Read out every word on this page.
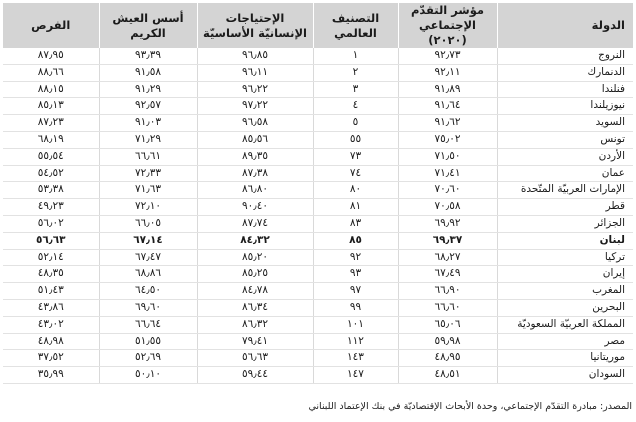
الدولة	مؤشر التقدّم الإجتماعي (٢٠٢٠)	التصنيف العالمي	الإحتياجات الإنسانيّة الأساسيّة	أسس العيش الكريم	الفرص
النروج	٩٢٫٧٣	١	٩٦٫٨٥	٩٣٫٣٩	٨٧٫٩٥
الدنمارك	٩٢٫١١	٢	٩٦٫١١	٩١٫٥٨	٨٨٫٦٦
فنلندا	٩١٫٨٩	٣	٩٦٫٢٢	٩١٫٢٩	٨٨٫١٥
نيوزيلندا	٩١٫٦٤	٤	٩٧٫٢٢	٩٢٫٥٧	٨٥٫١٣
السويد	٩١٫٦٢	٥	٩٦٫٥٨	٩١٫٠٣	٨٧٫٢٣
تونس	٧٥٫٠٢	٥٥	٨٥٫٥٦	٧١٫٢٩	٦٨٫١٩
الأردن	٧١٫٥٠	٧٣	٨٩٫٣٥	٦٦٫٦١	٥٥٫٥٤
عمان	٧١٫٤١	٧٤	٨٧٫٣٨	٧٢٫٣٣	٥٤٫٥٢
الإمارات العربيّة المتّحدة	٧٠٫٦٠	٨٠	٨٦٫٨٠	٧١٫٦٣	٥٣٫٣٨
قطر	٧٠٫٥٨	٨١	٩٠٫٤٠	٧٢٫١٠	٤٩٫٢٣
الجزائر	٦٩٫٩٢	٨٣	٨٧٫٧٤	٦٦٫٠٥	٥٦٫٠٢
لبنان	٦٩٫٣٧	٨٥	٨٤٫٣٢	٦٧٫١٤	٥٦٫٦٣
تركيا	٦٨٫٢٧	٩٢	٨٥٫٢٠	٦٧٫٤٧	٥٢٫١٤
إيران	٦٧٫٤٩	٩٣	٨٥٫٢٥	٦٨٫٨٦	٤٨٫٣٥
المغرب	٦٦٫٩٠	٩٧	٨٤٫٧٨	٦٤٫٥٠	٥١٫٤٣
البحرين	٦٦٫٦٠	٩٩	٨٦٫٣٤	٦٩٫٦٠	٤٣٫٨٦
المملكة العربيّة السعوديّة	٦٥٫٠٦	١٠١	٨٦٫٣٢	٦٦٫٦٤	٤٣٫٠٢
مصر	٥٩٫٩٨	١١٢	٧٩٫٤١	٥١٫٥٥	٤٨٫٩٨
موريتانيا	٤٨٫٩٥	١٤٣	٥٦٫٦٣	٥٢٫٦٩	٣٧٫٥٢
السودان	٤٨٫٥١	١٤٧	٥٩٫٤٤	٥٠٫١٠	٣٥٫٩٩
المصدر: مبادرة التقدّم الإجتماعي، وحدة الأبحاث الإقتصاديّة في بنك الإعتماد اللبناني
